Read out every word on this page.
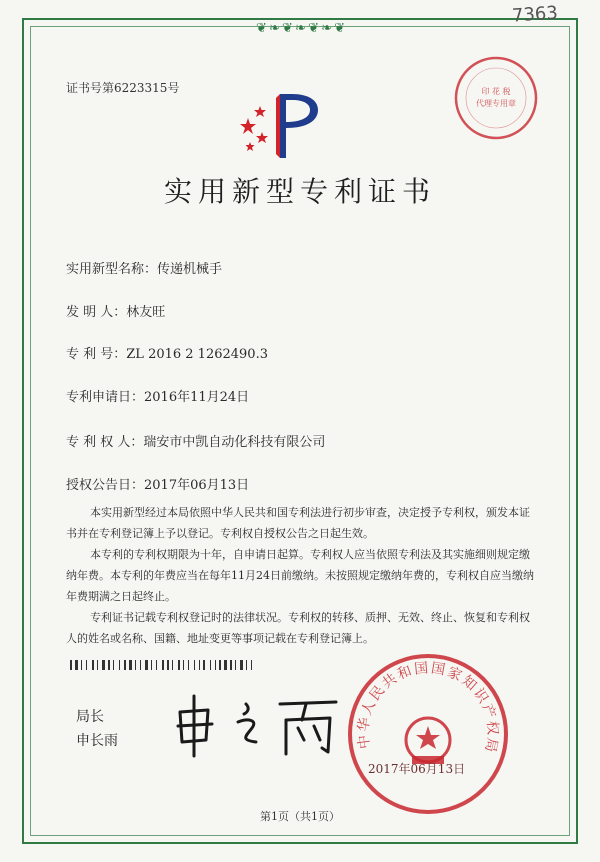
❦ ❧ ❦ ❧ ❦ ❧ ❦
7363
证书号第6223315号	印 花 税
代理专用章
实用新型专利证书
实用新型名称：传递机械手
发 明 人：林友旺
专 利 号：ZL 2016 2 1262490.3
专利申请日：2016年11月24日
专 利 权 人：瑞安市中凯自动化科技有限公司
授权公告日：2017年06月13日

本实用新型经过本局依照中华人民共和国专利法进行初步审查，决定授予专利权，颁发本证书并在专利登记簿上予以登记。专利权自授权公告之日起生效。

本专利的专利权期限为十年，自申请日起算。专利权人应当依照专利法及其实施细则规定缴纳年费。本专利的年费应当在每年11月24日前缴纳。未按照规定缴纳年费的，专利权自应当缴纳年费期满之日起终止。

专利证书记载专利权登记时的法律状况。专利权的转移、质押、无效、终止、恢复和专利权人的姓名或名称、国籍、地址变更等事项记载在专利登记簿上。

局长
申长雨	中华人民共和国国家知识产权局
2017年06月13日
第1页（共1页）
